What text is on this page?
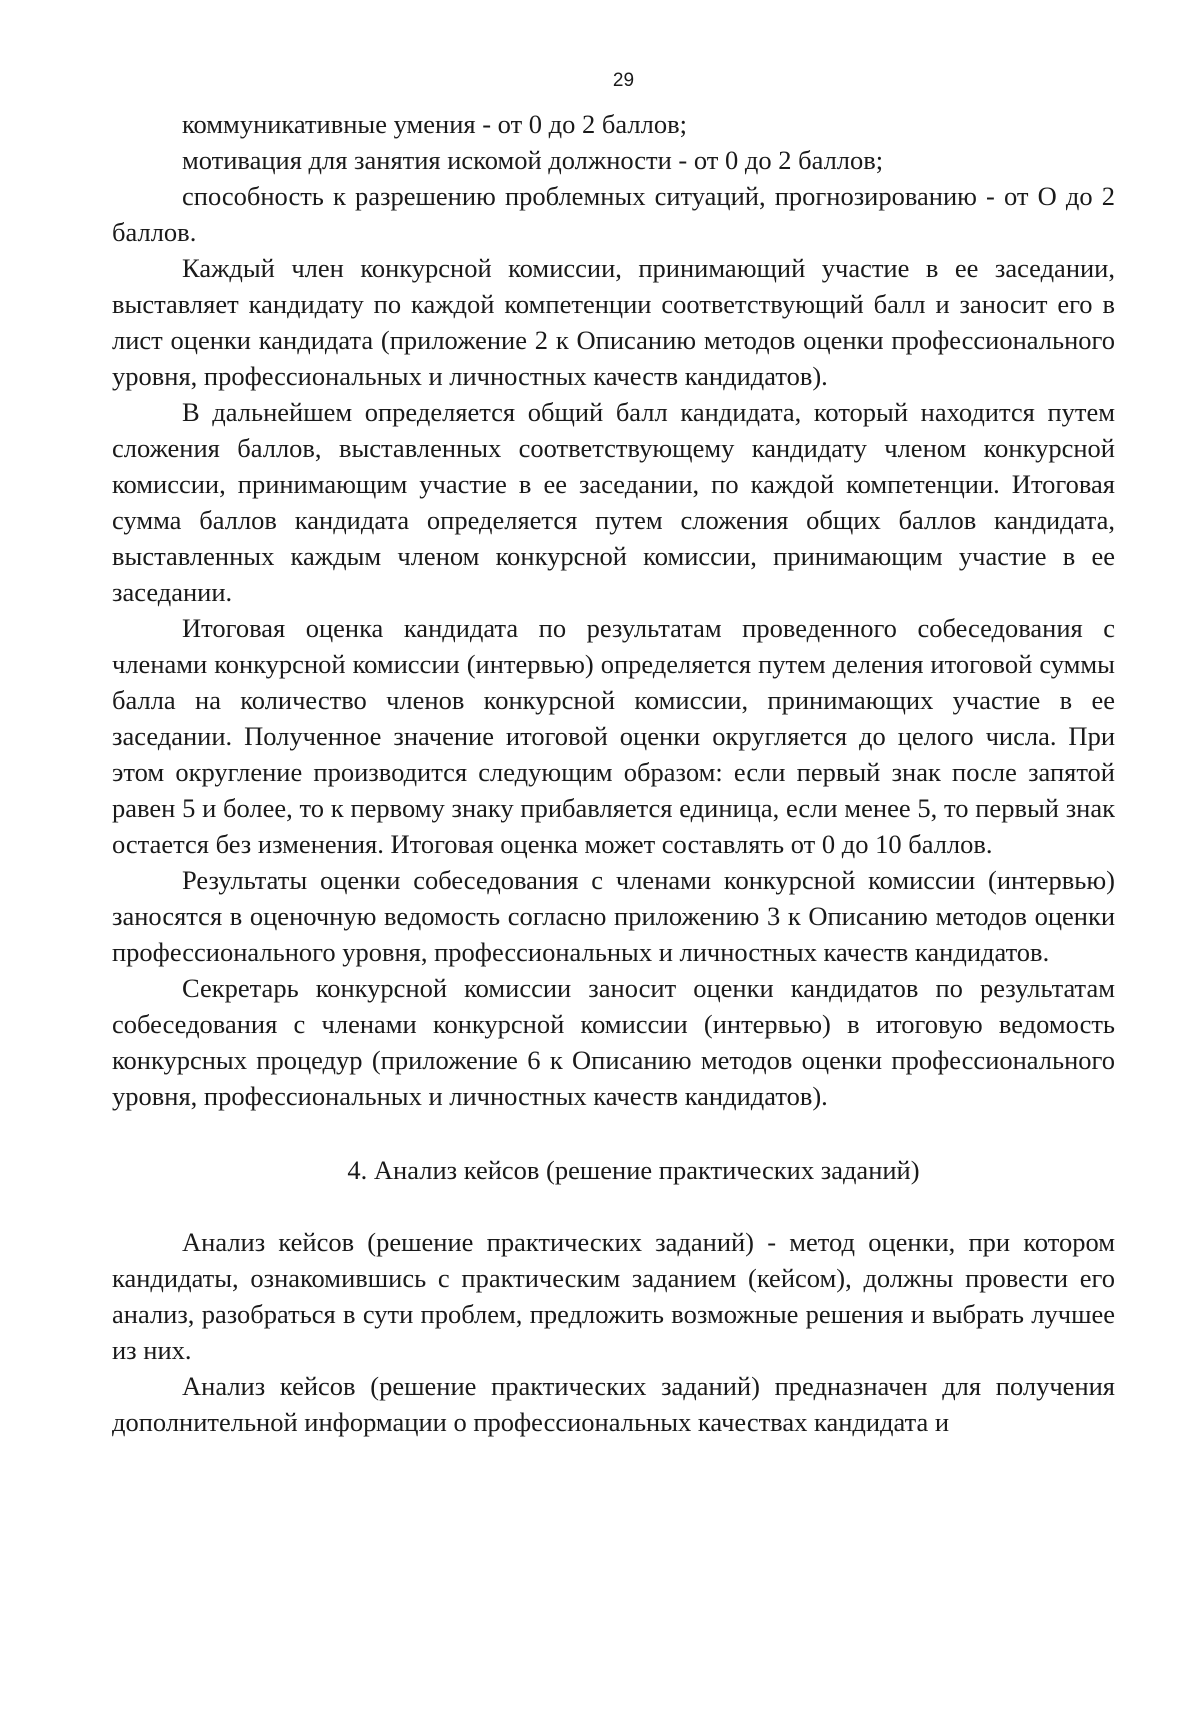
29

коммуникативные умения - от 0 до 2 баллов;

мотивация для занятия искомой должности - от 0 до 2 баллов;

способность к разрешению проблемных ситуаций, прогнозированию - от О до 2 баллов.

Каждый член конкурсной комиссии, принимающий участие в ее заседании, выставляет кандидату по каждой компетенции соответствующий балл и заносит его в лист оценки кандидата (приложение 2 к Описанию методов оценки профессионального уровня, профессиональных и личностных качеств кандидатов).

В дальнейшем определяется общий балл кандидата, который находится путем сложения баллов, выставленных соответствующему кандидату членом конкурсной комиссии, принимающим участие в ее заседании, по каждой компетенции. Итоговая сумма баллов кандидата определяется путем сложения общих баллов кандидата, выставленных каждым членом конкурсной комиссии, принимающим участие в ее заседании.

Итоговая оценка кандидата по результатам проведенного собеседования с членами конкурсной комиссии (интервью) определяется путем деления итоговой суммы балла на количество членов конкурсной комиссии, принимающих участие в ее заседании. Полученное значение итоговой оценки округляется до целого числа. При этом округление производится следующим образом: если первый знак после запятой равен 5 и более, то к первому знаку прибавляется единица, если менее 5, то первый знак остается без изменения. Итоговая оценка может составлять от 0 до 10 баллов.

Результаты оценки собеседования с членами конкурсной комиссии (интервью) заносятся в оценочную ведомость согласно приложению 3 к Описанию методов оценки профессионального уровня, профессиональных и личностных качеств кандидатов.

Секретарь конкурсной комиссии заносит оценки кандидатов по результатам собеседования с членами конкурсной комиссии (интервью) в итоговую ведомость конкурсных процедур (приложение 6 к Описанию методов оценки профессионального уровня, профессиональных и личностных качеств кандидатов).

4. Анализ кейсов (решение практических заданий)

Анализ кейсов (решение практических заданий) - метод оценки, при котором кандидаты, ознакомившись с практическим заданием (кейсом), должны провести его анализ, разобраться в сути проблем, предложить возможные решения и выбрать лучшее из них.

Анализ кейсов (решение практических заданий) предназначен для получения дополнительной информации о профессиональных качествах кандидата и
